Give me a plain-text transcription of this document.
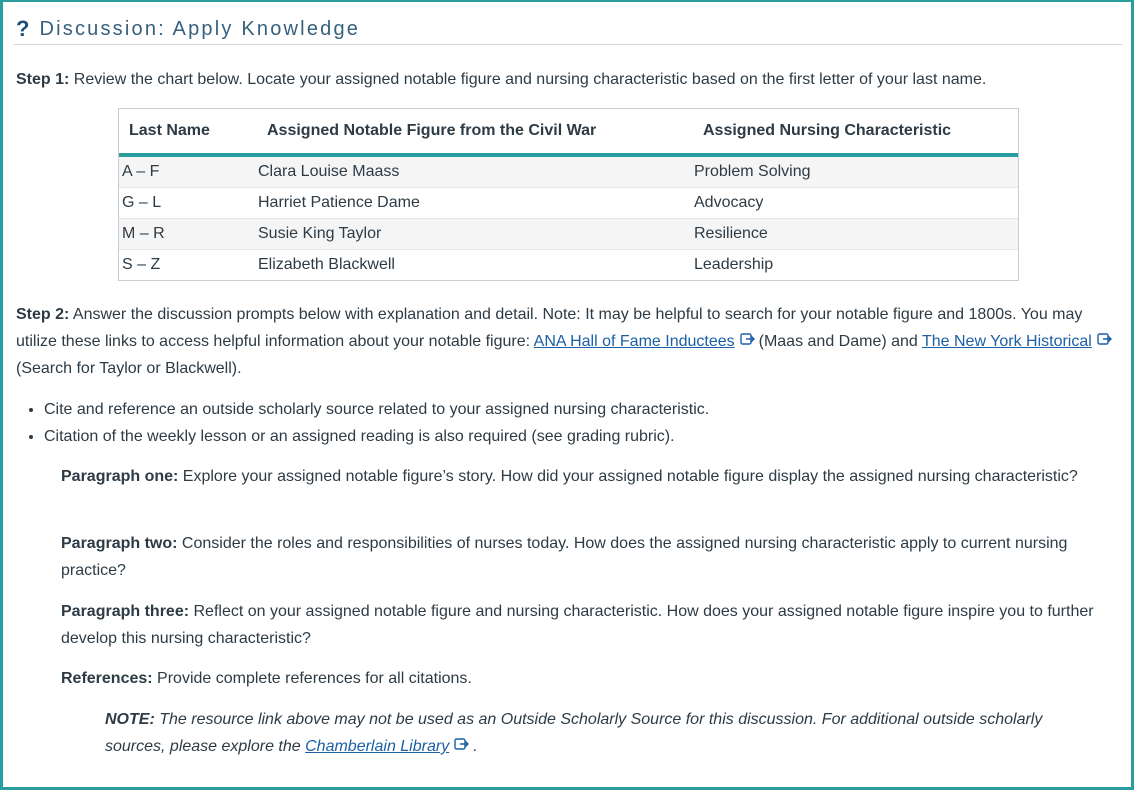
? Discussion: Apply Knowledge

Step 1: Review the chart below. Locate your assigned notable figure and nursing characteristic based on the first letter of your last name.

Last Name	Assigned Notable Figure from the Civil War	Assigned Nursing Characteristic
A – F	Clara Louise Maass	Problem Solving
G – L	Harriet Patience Dame	Advocacy
M – R	Susie King Taylor	Resilience
S – Z	Elizabeth Blackwell	Leadership

Step 2: Answer the discussion prompts below with explanation and detail. Note: It may be helpful to search for your notable figure and 1800s. You may utilize these links to access helpful information about your notable figure: ANA Hall of Fame Inductees (Maas and Dame) and The New York Historical(Search for Taylor or Blackwell).

• Cite and reference an outside scholarly source related to your assigned nursing characteristic.
• Citation of the weekly lesson or an assigned reading is also required (see grading rubric).

Paragraph one: Explore your assigned notable figure’s story. How did your assigned notable figure display the assigned nursing characteristic?

Paragraph two: Consider the roles and responsibilities of nurses today. How does the assigned nursing characteristic apply to current nursing practice?

Paragraph three: Reflect on your assigned notable figure and nursing characteristic. How does your assigned notable figure inspire you to further develop this nursing characteristic?

References: Provide complete references for all citations.

NOTE: The resource link above may not be used as an Outside Scholarly Source for this discussion. For additional outside scholarly sources, please explore the Chamberlain Library .
